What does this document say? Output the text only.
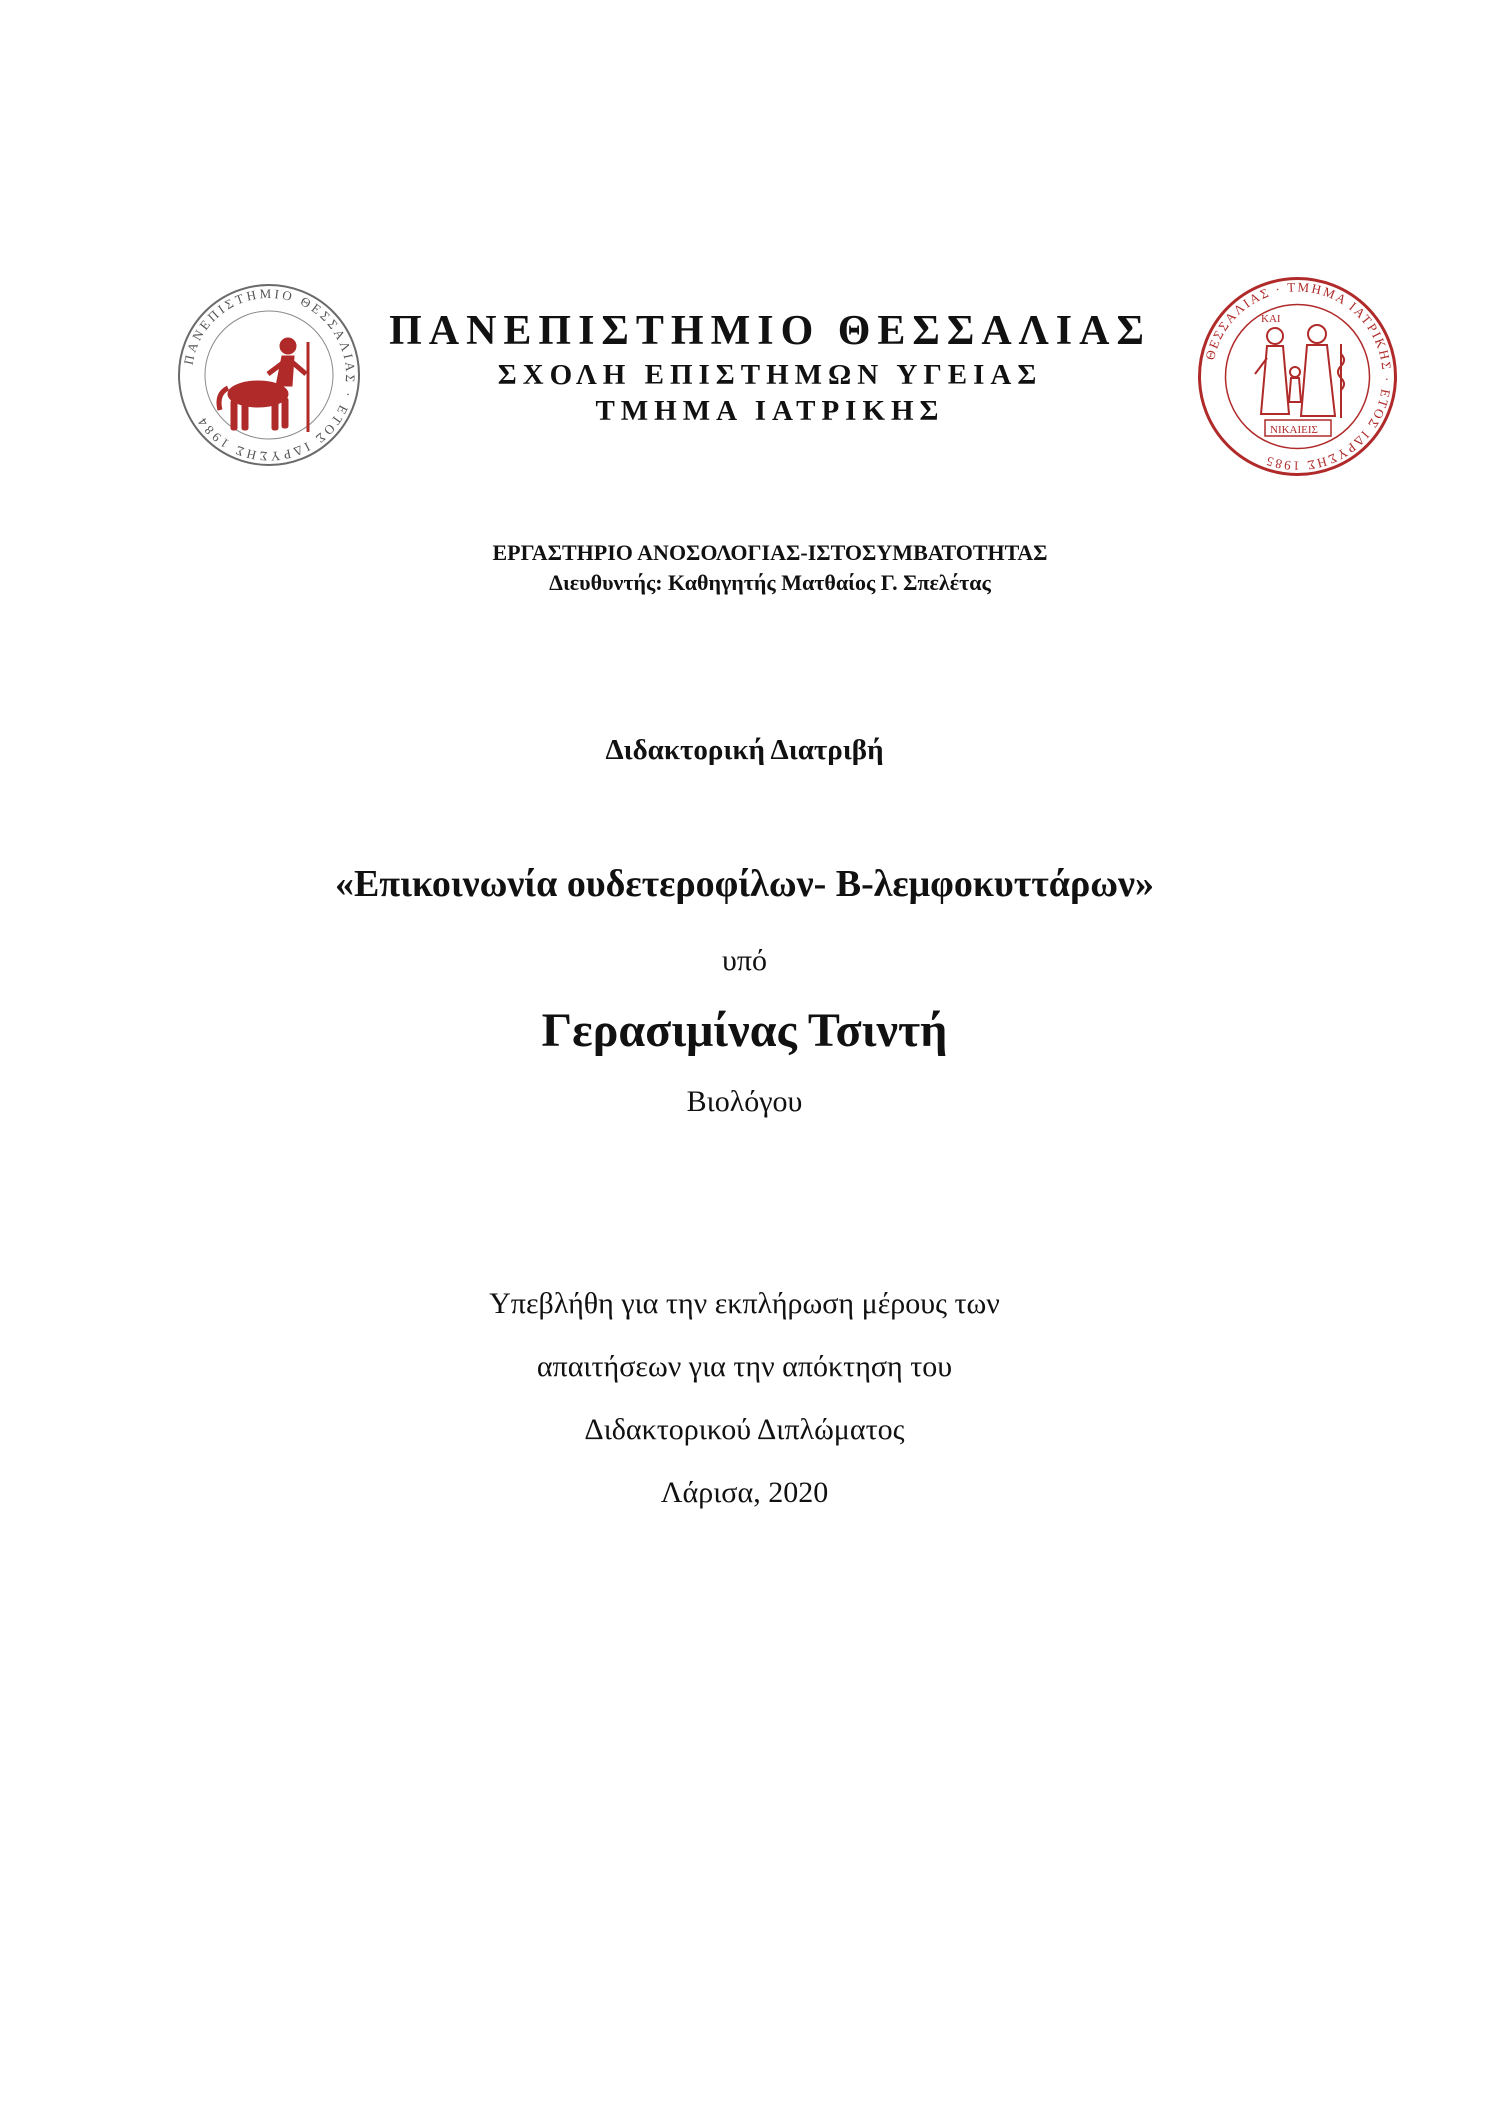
ΠΑΝΕΠΙΣΤΗΜΙΟ ΘΕΣΣΑΛΙΑΣ · ΕΤΟΣ ΙΔΡΥΣΗΣ 1984
ΘΕΣΣΑΛΙΑΣ · ΤΜΗΜΑ ΙΑΤΡΙΚΗΣ · ΕΤΟΣ ΙΔΡΥΣΗΣ 1985
ΚΑΙ
ΝΙΚΑΙΕΙΣ

ΠΑΝΕΠΙΣΤΗΜΙΟ ΘΕΣΣΑΛΙΑΣ

ΣΧΟΛΗ ΕΠΙΣΤΗΜΩΝ ΥΓΕΙΑΣ

ΤΜΗΜΑ ΙΑΤΡΙΚΗΣ

ΕΡΓΑΣΤΗΡΙΟ ΑΝΟΣΟΛΟΓΙΑΣ-ΙΣΤΟΣΥΜΒΑΤΟΤΗΤΑΣ

Διευθυντής: Καθηγητής Ματθαίος Γ. Σπελέτας

Διδακτορική Διατριβή
«Επικοινωνία ουδετεροφίλων- Β-λεμφοκυττάρων»
υπό
Γερασιμίνας Τσιντή
Βιολόγου
Υπεβλήθη για την εκπλήρωση μέρους των
απαιτήσεων για την απόκτηση του
Διδακτορικού Διπλώματος
Λάρισα, 2020
